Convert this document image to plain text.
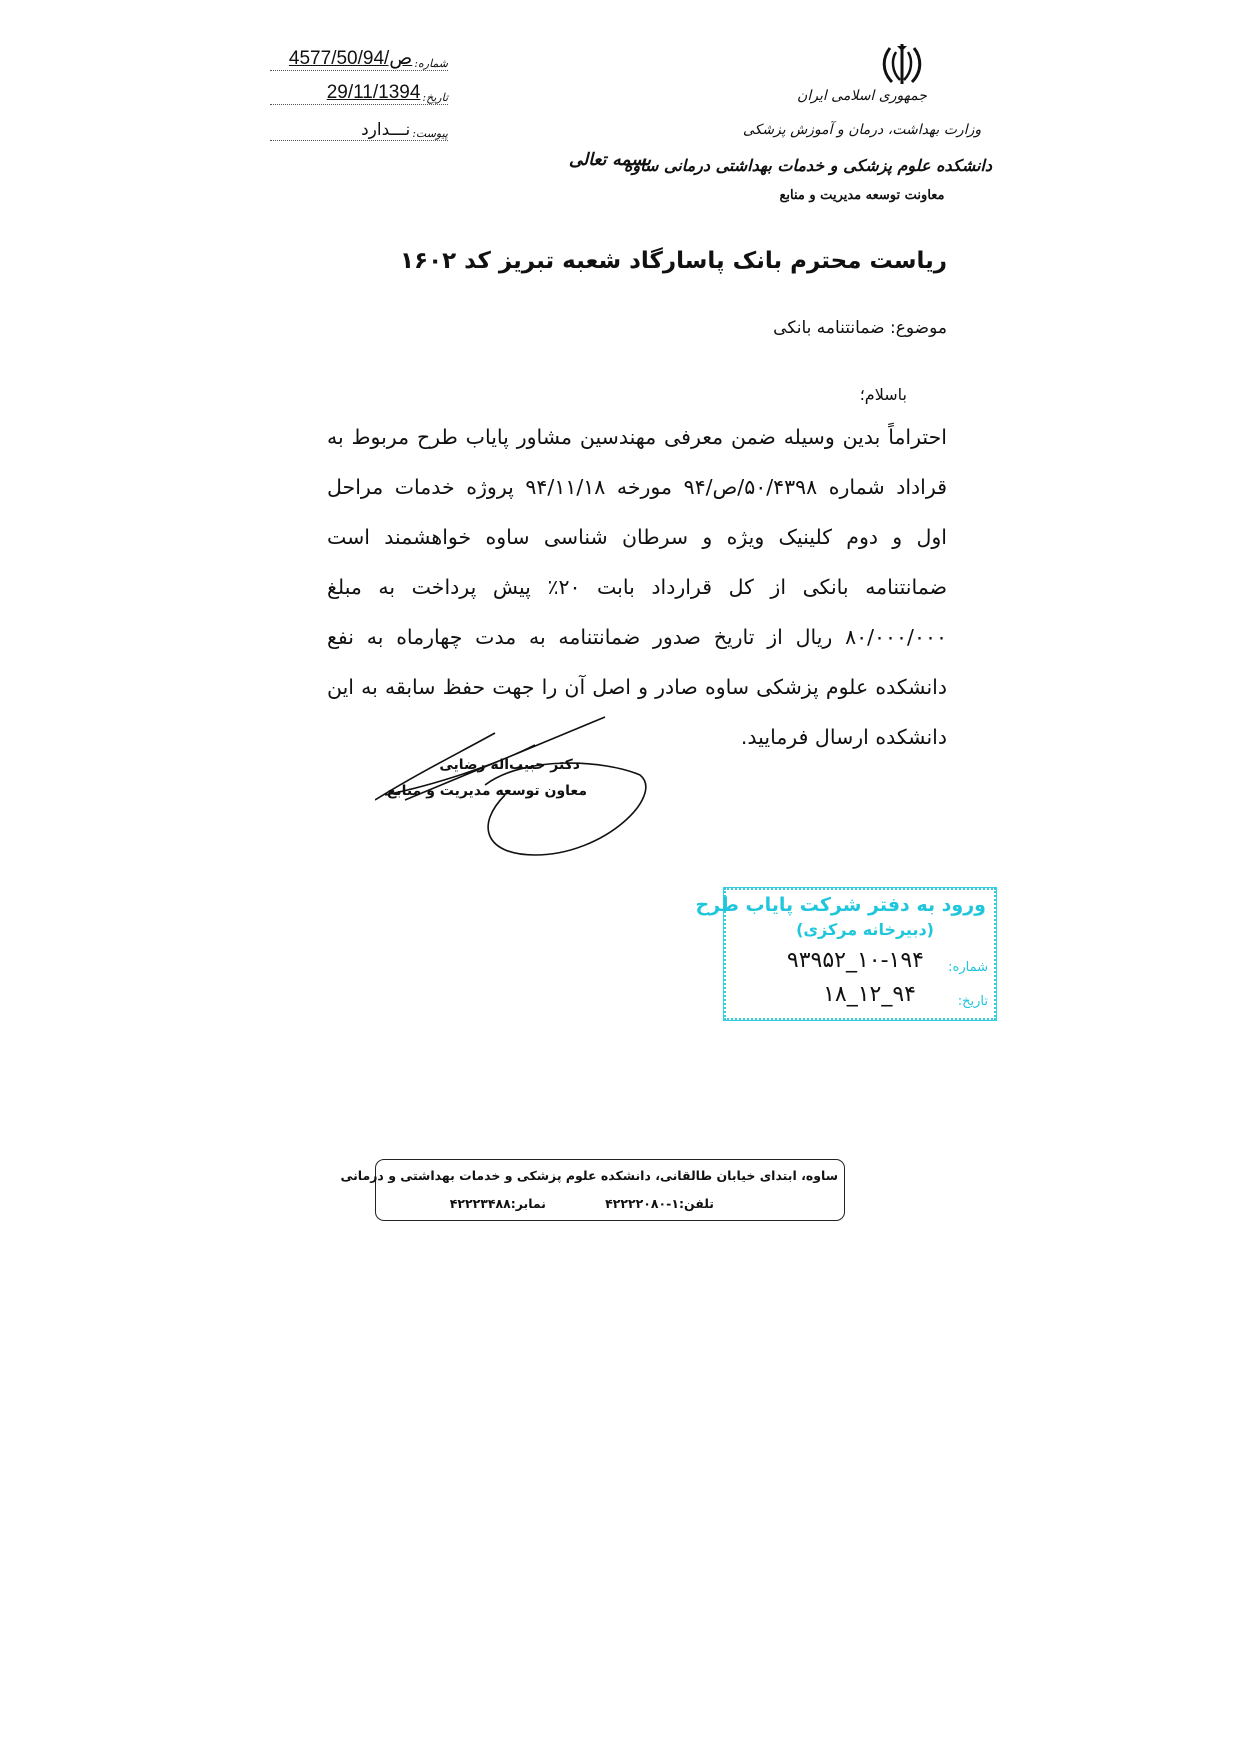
جمهوری اسلامی ایران
وزارت بهداشت، درمان و آموزش پزشکی
دانشکده علوم پزشکی و خدمات بهداشتی درمانی ساوه
معاونت توسعه مدیریت و منابع
بسمه تعالی
شماره:
4577/50/ص/94
تاریخ:
29/11/1394
پیوست:
نـــدارد
ریاست محترم بانک پاسارگاد شعبه تبریز کد ۱۶۰۲
موضوع: ضمانتنامه بانکی
باسلام؛
احتراماً بدین وسیله ضمن معرفی مهندسین مشاور پایاب طرح مربوط به قراداد شماره ۵۰/۴۳۹۸/ص/۹۴ مورخه ۹۴/۱۱/۱۸ پروژه خدمات مراحل اول و دوم کلینیک ویژه و سرطان شناسی ساوه خواهشمند است ضمانتنامه بانکی از کل قرارداد بابت ۲۰٪ پیش پرداخت به مبلغ ۸۰/۰۰۰/۰۰۰ ریال از تاریخ صدور ضمانتنامه به مدت چهارماه به نفع دانشکده علوم پزشکی ساوه صادر و اصل آن را جهت حفظ سابقه به این دانشکده ارسال فرمایید.
دکتر حبیب‌اله رضایی
معاون توسعه مدیریت و منابع
ورود به دفتر شرکت پایاب طرح
(دبیرخانه مرکزی)
شماره:
۱۰-۱۹۴_۹۳۹۵۲
تاریخ:
۹۴_۱۲_۱۸
ساوه، ابتدای خیابان طالقانی، دانشکده علوم پزشکی و خدمات بهداشتی و درمانی
تلفن:۱-۴۲۲۲۲۰۸۰
نمابر:۴۲۲۲۳۴۸۸
